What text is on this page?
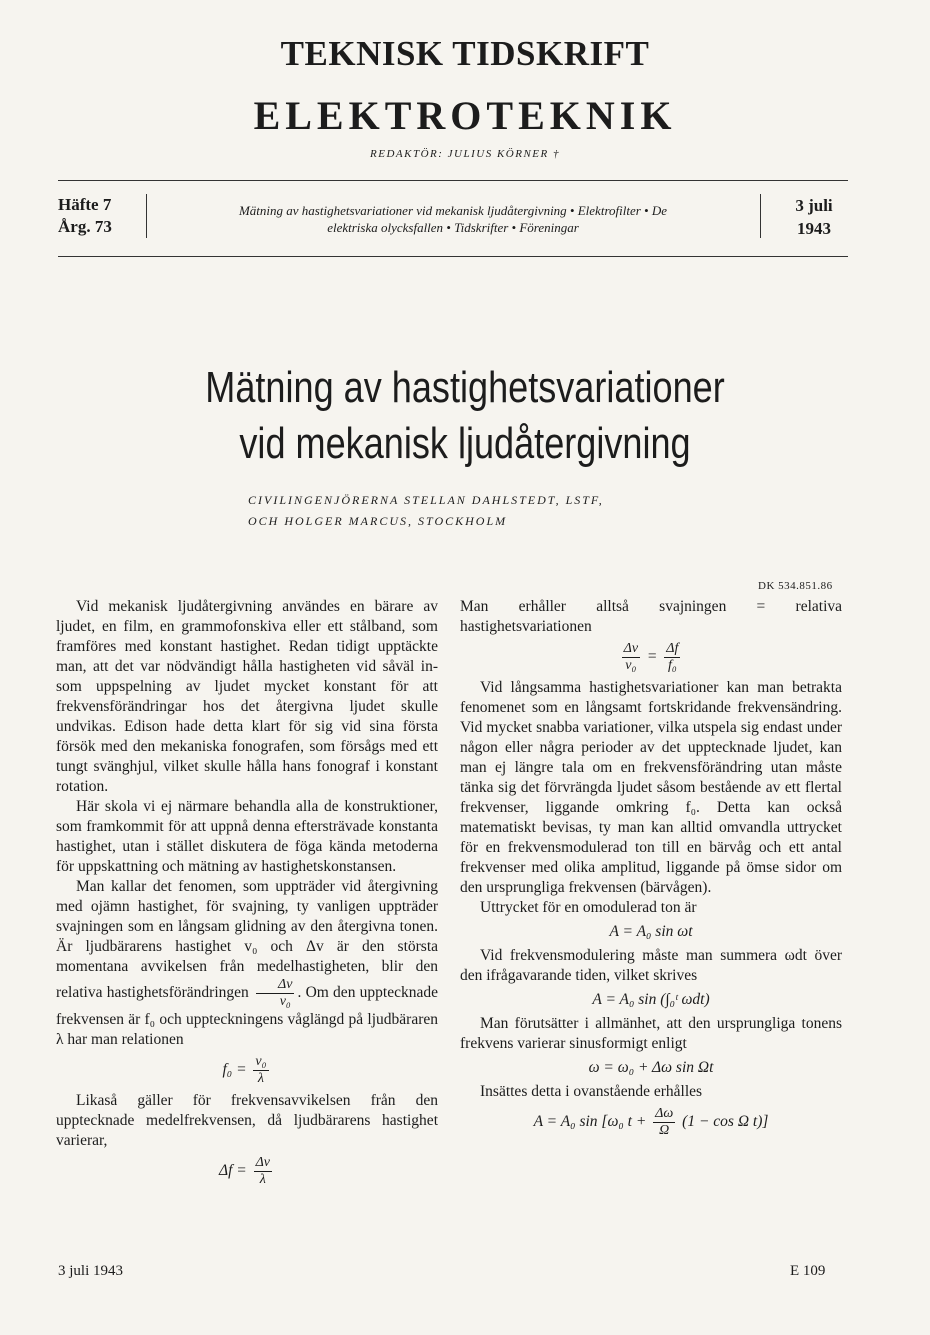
TEKNISK TIDSKRIFT
ELEKTROTEKNIK
REDAKTÖR: JULIUS KÖRNER †
Häfte 7
Årg. 73
Mätning av hastighetsvariationer vid mekanisk ljudåtergivning • Elektrofilter • De
elektriska olycksfallen • Tidskrifter • Föreningar
3 juli
1943
Mätning av hastighetsvariationer
vid mekanisk ljudåtergivning
CIVILINGENJÖRERNA STELLAN DAHLSTEDT, LSTF,
OCH HOLGER MARCUS, STOCKHOLM
DK 534.851.86

Vid mekanisk ljudåtergivning användes en bärare av ljudet, en film, en grammofonskiva eller ett stålband, som framföres med konstant hastighet. Redan tidigt upptäckte man, att det var nödvändigt hålla hastigheten vid såväl in- som uppspelning av ljudet mycket konstant för att frekvensförändringar hos det återgivna ljudet skulle undvikas. Edison hade detta klart för sig vid sina första försök med den mekaniska fonografen, som försågs med ett tungt svänghjul, vilket skulle hålla hans fonograf i konstant rotation.

Här skola vi ej närmare behandla alla de konstruktioner, som framkommit för att uppnå denna eftersträvade konstanta hastighet, utan i stället diskutera de föga kända metoderna för uppskattning och mätning av hastighetskonstansen.

Man kallar det fenomen, som uppträder vid återgivning med ojämn hastighet, för svajning, ty vanligen uppträder svajningen som en långsam glidning av den återgivna tonen. Är ljudbärarens hastighet v₀ och Δv är den största momentana avvikelsen från medelhastigheten, blir den relativa hastighetsförändringen $\frac{\Delta v}{\text{v₀}}$ . Om den upptecknade frekvensen är f₀ och uppteckningens våglängd på ljudbäraren λ har man relationen

$f_0 = \frac{\text{v₀}}{\lambda}$

Likaså gäller för frekvensavvikelsen från den upptecknade medelfrekvensen, då ljudbärarens hastighet varierar,

$\Delta f = \frac{\Delta v}{\lambda}$

Man erhåller alltså svajningen = relativa hastighetsvariationen

$\frac{\Delta v}{\text{v₀}} = \frac{\Delta f}{\text{f₀}}$

Vid långsamma hastighetsvariationer kan man betrakta fenomenet som en långsamt fortskridande frekvensändring. Vid mycket snabba variationer, vilka utspela sig endast under någon eller några perioder av det upptecknade ljudet, kan man ej längre tala om en frekvensförändring utan måste tänka sig det förvrängda ljudet såsom bestående av ett flertal frekvenser, liggande omkring f₀. Detta kan också matematiskt bevisas, ty man kan alltid omvandla uttrycket för en frekvensmodulerad ton till en bärvåg och ett antal frekvenser med olika amplitud, liggande på ömse sidor om den ursprungliga frekvensen (bärvågen).

Uttrycket för en omodulerad ton är

A = A₀ sin ωt

Vid frekvensmodulering måste man summera ωdt över den ifrågavarande tiden, vilket skrives

A = A₀ sin (∫₀ᵗ ωdt)

Man förutsätter i allmänhet, att den ursprungliga tonens frekvens varierar sinusformigt enligt

ω = ω₀ + Δω sin Ωt

Insättes detta i ovanstående erhålles

A = A₀ sin [ω₀ $t + \frac{\Delta\omega}{\Omega} (1 - \cos \Omega$ t)]
3 juli 1943	E 109
